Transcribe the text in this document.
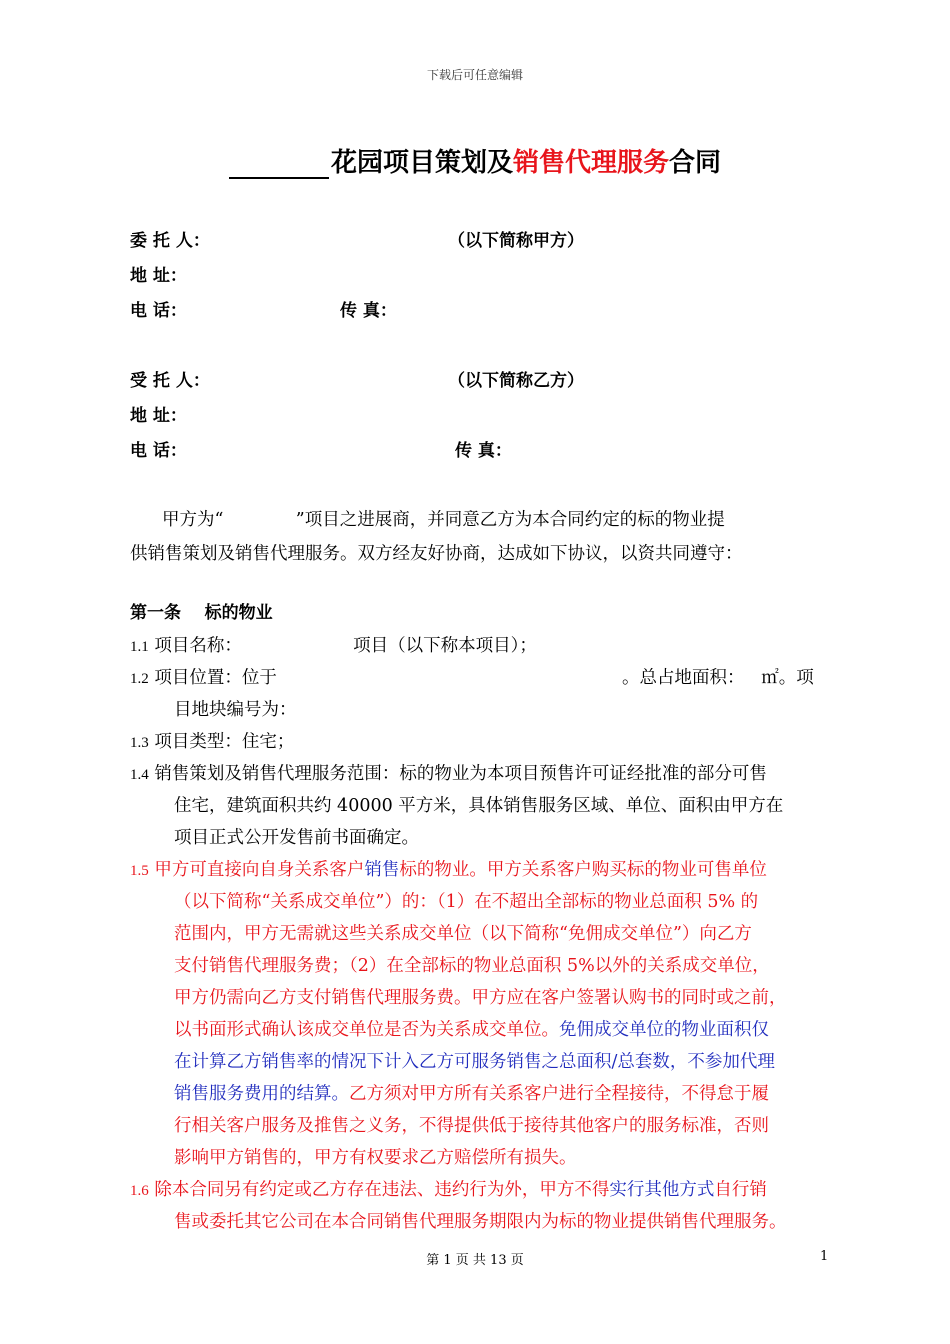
下载后可任意编辑
花园项目策划及销售代理服务合同
委 托 人：	（以下简称甲方）
地 址：
电 话：	传 真：
受 托 人：	（以下简称乙方）
地 址：
电 话：	传 真：
甲方为“             ”项目之进展商，并同意乙方为本合同约定的标的物业提
供销售策划及销售代理服务。双方经友好协商，达成如下协议，以资共同遵守：
第一条    标的物业
1.1 项目名称：                    项目（以下称本项目）；
1.2 项目位置：位于	。总占地面积：   ㎡。项
目地块编号为：
1.3 项目类型：住宅；
1.4 销售策划及销售代理服务范围：标的物业为本项目预售许可证经批准的部分可售
住宅，建筑面积共约 40000 平方米，具体销售服务区域、单位、面积由甲方在
项目正式公开发售前书面确定。
1.5 甲方可直接向自身关系客户销售标的物业。甲方关系客户购买标的物业可售单位
（以下简称“关系成交单位”）的：（1）在不超出全部标的物业总面积 5% 的
范围内，甲方无需就这些关系成交单位（以下简称“免佣成交单位”）向乙方
支付销售代理服务费；（2）在全部标的物业总面积 5%以外的关系成交单位，
甲方仍需向乙方支付销售代理服务费。甲方应在客户签署认购书的同时或之前，
以书面形式确认该成交单位是否为关系成交单位。免佣成交单位的物业面积仅
在计算乙方销售率的情况下计入乙方可服务销售之总面积/总套数，不参加代理
销售服务费用的结算。乙方须对甲方所有关系客户进行全程接待，不得怠于履
行相关客户服务及推售之义务，不得提供低于接待其他客户的服务标准，否则
影响甲方销售的，甲方有权要求乙方赔偿所有损失。
1.6 除本合同另有约定或乙方存在违法、违约行为外，甲方不得实行其他方式自行销
售或委托其它公司在本合同销售代理服务期限内为标的物业提供销售代理服务。
第 1 页 共 13 页	1
